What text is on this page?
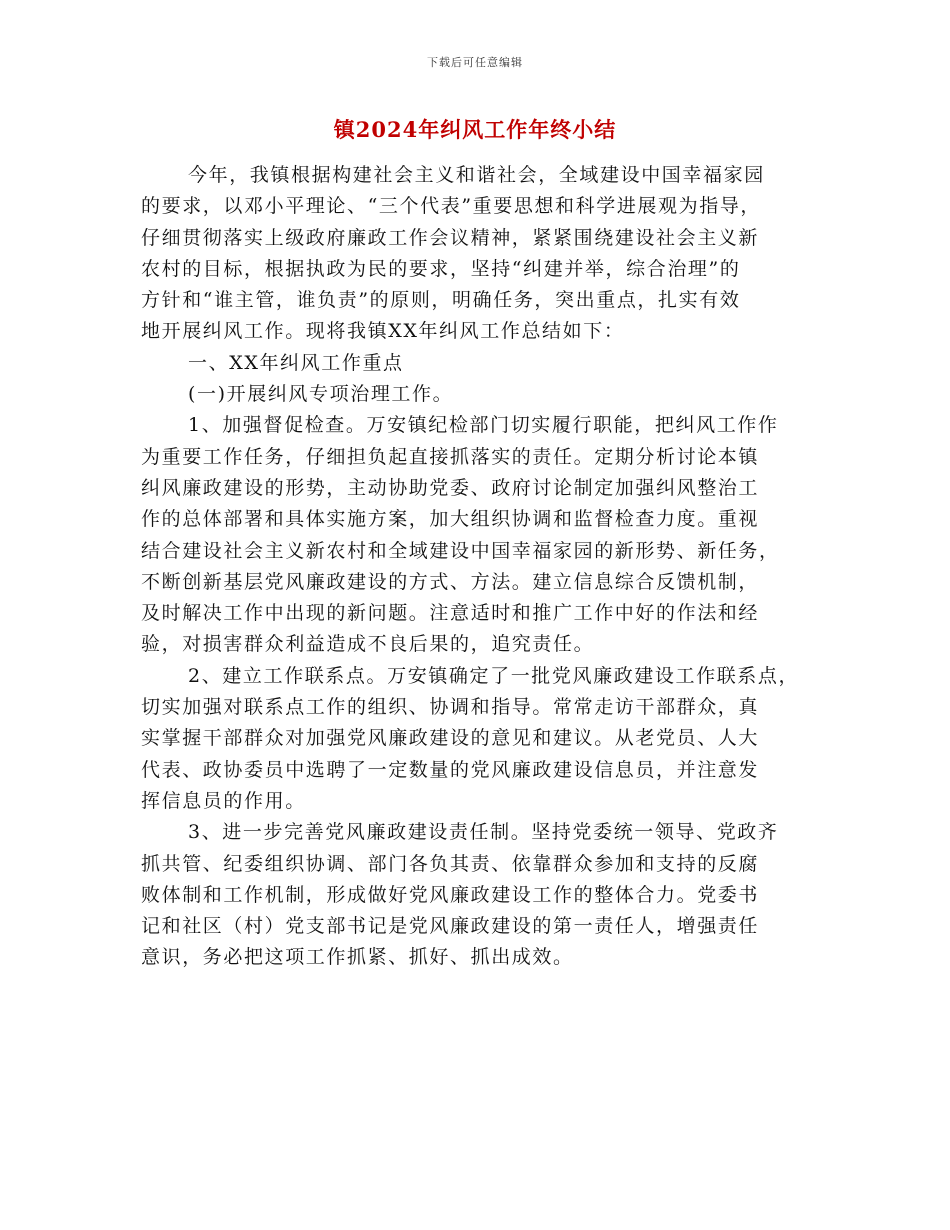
下载后可任意编辑
镇2024年纠风工作年终小结
今年，我镇根据构建社会主义和谐社会，全域建设中国幸福家园
的要求，以邓小平理论、“三个代表”重要思想和科学进展观为指导，
仔细贯彻落实上级政府廉政工作会议精神，紧紧围绕建设社会主义新
农村的目标，根据执政为民的要求，坚持“纠建并举，综合治理”的
方针和“谁主管，谁负责”的原则，明确任务，突出重点，扎实有效
地开展纠风工作。现将我镇XX年纠风工作总结如下：
一、XX年纠风工作重点
(一)开展纠风专项治理工作。
1、加强督促检查。万安镇纪检部门切实履行职能，把纠风工作作
为重要工作任务，仔细担负起直接抓落实的责任。定期分析讨论本镇
纠风廉政建设的形势，主动协助党委、政府讨论制定加强纠风整治工
作的总体部署和具体实施方案，加大组织协调和监督检查力度。重视
结合建设社会主义新农村和全域建设中国幸福家园的新形势、新任务，
不断创新基层党风廉政建设的方式、方法。建立信息综合反馈机制，
及时解决工作中出现的新问题。注意适时和推广工作中好的作法和经
验，对损害群众利益造成不良后果的，追究责任。
2、建立工作联系点。万安镇确定了一批党风廉政建设工作联系点，
切实加强对联系点工作的组织、协调和指导。常常走访干部群众，真
实掌握干部群众对加强党风廉政建设的意见和建议。从老党员、人大
代表、政协委员中选聘了一定数量的党风廉政建设信息员，并注意发
挥信息员的作用。
3、进一步完善党风廉政建设责任制。坚持党委统一领导、党政齐
抓共管、纪委组织协调、部门各负其责、依靠群众参加和支持的反腐
败体制和工作机制，形成做好党风廉政建设工作的整体合力。党委书
记和社区（村）党支部书记是党风廉政建设的第一责任人，增强责任
意识，务必把这项工作抓紧、抓好、抓出成效。
